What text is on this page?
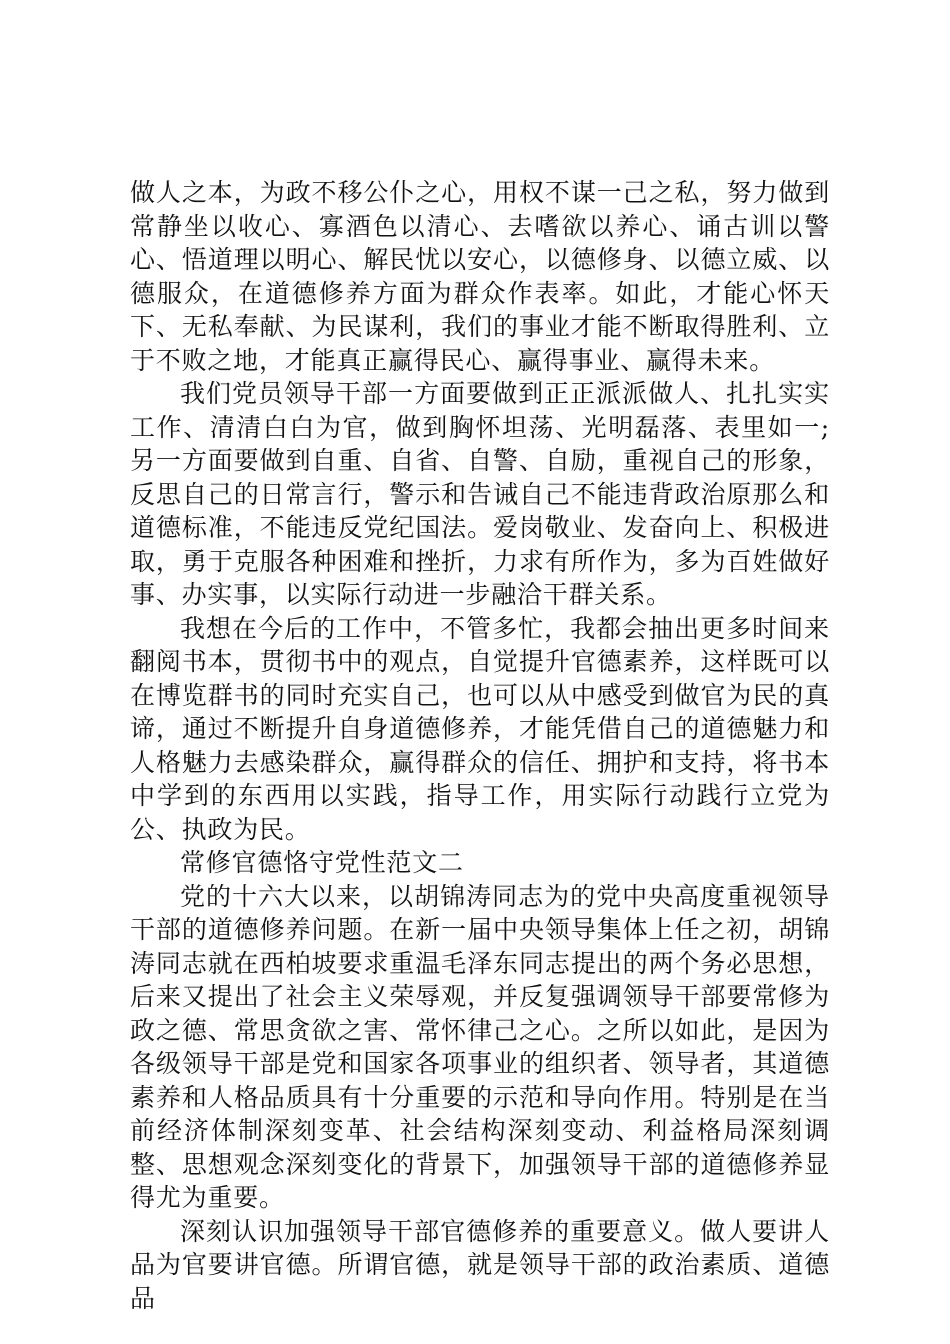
做人之本，为政不移公仆之心，用权不谋一己之私，努力做到常静坐以收心、寡酒色以清心、去嗜欲以养心、诵古训以警心、悟道理以明心、解民忧以安心，以德修身、以德立威、以德服众，在道德修养方面为群众作表率。如此，才能心怀天下、无私奉献、为民谋利，我们的事业才能不断取得胜利、立于不败之地，才能真正赢得民心、赢得事业、赢得未来。

我们党员领导干部一方面要做到正正派派做人、扎扎实实工作、清清白白为官，做到胸怀坦荡、光明磊落、表里如一;另一方面要做到自重、自省、自警、自励，重视自己的形象，反思自己的日常言行，警示和告诫自己不能违背政治原那么和道德标准，不能违反党纪国法。爱岗敬业、发奋向上、积极进取，勇于克服各种困难和挫折，力求有所作为，多为百姓做好事、办实事，以实际行动进一步融洽干群关系。

我想在今后的工作中，不管多忙，我都会抽出更多时间来翻阅书本，贯彻书中的观点，自觉提升官德素养，这样既可以在博览群书的同时充实自己，也可以从中感受到做官为民的真谛，通过不断提升自身道德修养，才能凭借自己的道德魅力和人格魅力去感染群众，赢得群众的信任、拥护和支持，将书本中学到的东西用以实践，指导工作，用实际行动践行立党为公、执政为民。

常修官德恪守党性范文二

党的十六大以来，以胡锦涛同志为的党中央高度重视领导干部的道德修养问题。在新一届中央领导集体上任之初，胡锦涛同志就在西柏坡要求重温毛泽东同志提出的两个务必思想，后来又提出了社会主义荣辱观，并反复强调领导干部要常修为政之德、常思贪欲之害、常怀律己之心。之所以如此，是因为各级领导干部是党和国家各项事业的组织者、领导者，其道德素养和人格品质具有十分重要的示范和导向作用。特别是在当前经济体制深刻变革、社会结构深刻变动、利益格局深刻调整、思想观念深刻变化的背景下，加强领导干部的道德修养显得尤为重要。

深刻认识加强领导干部官德修养的重要意义。做人要讲人品为官要讲官德。所谓官德，就是领导干部的政治素质、道德品
